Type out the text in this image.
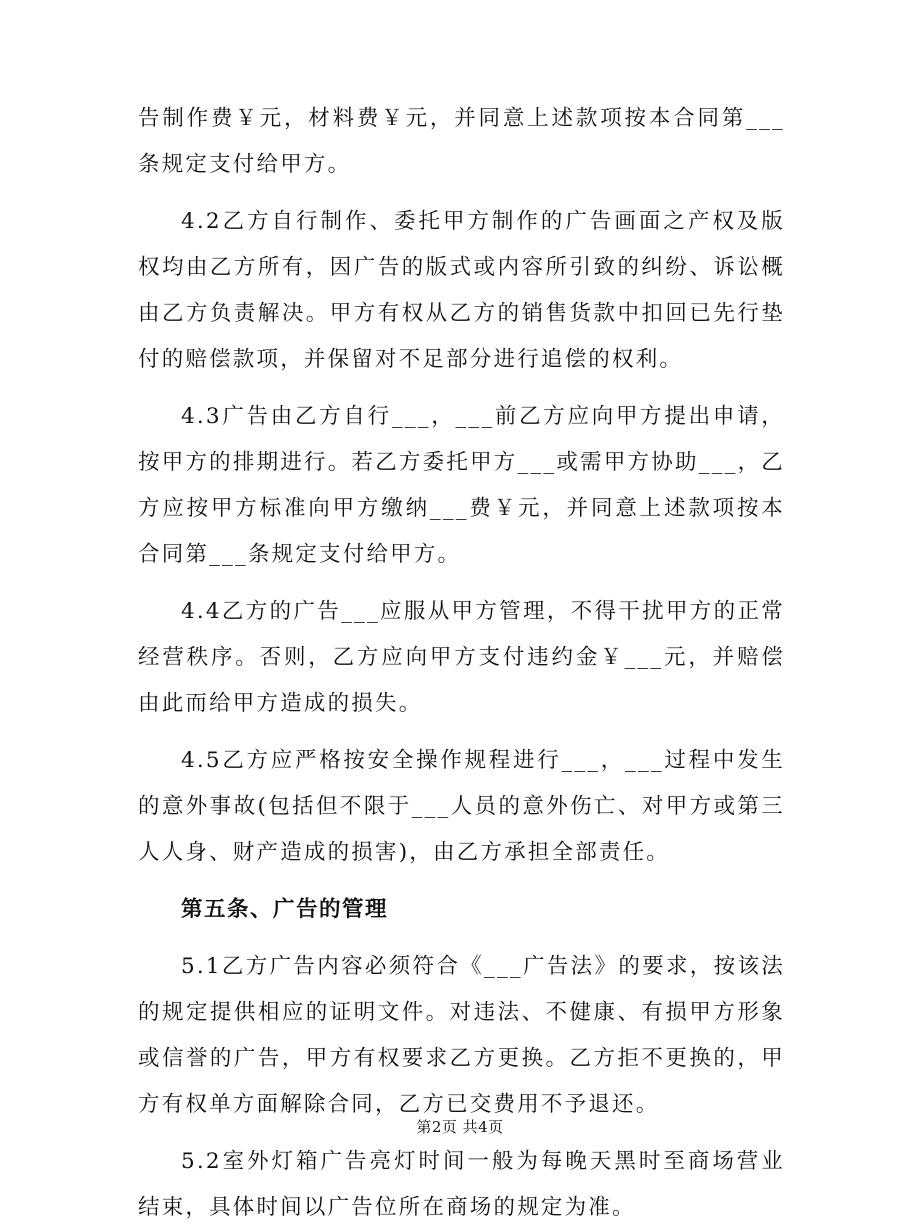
告制作费￥元，材料费￥元，并同意上述款项按本合同第___条规定支付给甲方。

4.2乙方自行制作、委托甲方制作的广告画面之产权及版权均由乙方所有，因广告的版式或内容所引致的纠纷、诉讼概由乙方负责解决。甲方有权从乙方的销售货款中扣回已先行垫付的赔偿款项，并保留对不足部分进行追偿的权利。

4.3广告由乙方自行___，___前乙方应向甲方提出申请，按甲方的排期进行。若乙方委托甲方___或需甲方协助___，乙方应按甲方标准向甲方缴纳___费￥元，并同意上述款项按本合同第___条规定支付给甲方。

4.4乙方的广告___应服从甲方管理，不得干扰甲方的正常经营秩序。否则，乙方应向甲方支付违约金￥___元，并赔偿由此而给甲方造成的损失。

4.5乙方应严格按安全操作规程进行___，___过程中发生的意外事故(包括但不限于___人员的意外伤亡、对甲方或第三人人身、财产造成的损害)，由乙方承担全部责任。

第五条、广告的管理

5.1乙方广告内容必须符合《___广告法》的要求，按该法的规定提供相应的证明文件。对违法、不健康、有损甲方形象或信誉的广告，甲方有权要求乙方更换。乙方拒不更换的，甲方有权单方面解除合同，乙方已交费用不予退还。

5.2室外灯箱广告亮灯时间一般为每晚天黑时至商场营业结束，具体时间以广告位所在商场的规定为准。

第2页 共4页
